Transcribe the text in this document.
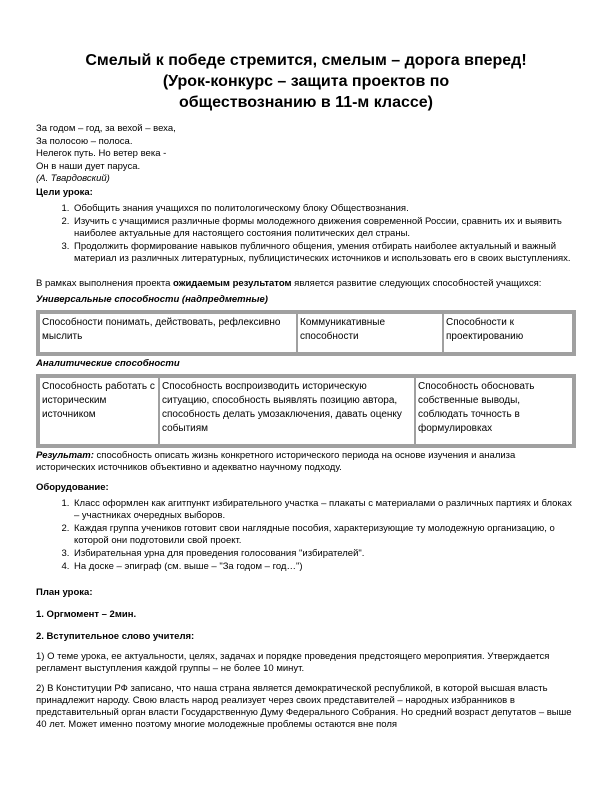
Смелый к победе стремится, смелым – дорога вперед!
(Урок-конкурс – защита проектов по
обществознанию в 11-м классе)
За годом – год, за вехой – веха,
За полосою – полоса.
Нелегок путь. Но ветер века -
Он в наши дует паруса.
(А. Твардовский)
Цели урока:
1. Обобщить знания учащихся по политологическому блоку Обществознания.
2. Изучить с учащимися различные формы молодежного движения современной России, сравнить их и выявить наиболее актуальные для настоящего состояния политических дел страны.
3. Продолжить формирование навыков публичного общения, умения отбирать наиболее актуальный и важный материал из различных литературных, публицистических источников и использовать его в своих выступлениях.
В рамках выполнения проекта ожидаемым результатом является развитие следующих способностей учащихся:
Универсальные способности (надпредметные)
Способности понимать, действовать, рефлексивно мыслить	Коммуникативные способности	Способности к проектированию
Аналитические способности
Способность работать с историческим источником	Способность воспроизводить историческую ситуацию, способность выявлять позицию автора, способность делать умозаключения, давать оценку событиям	Способность обосновать собственные выводы, соблюдать точность в формулировках
Результат: способность описать жизнь конкретного исторического периода на основе изучения и анализа исторических источников объективно и адекватно научному подходу.
Оборудование:
1. Класс оформлен как агитпункт избирательного участка – плакаты с материалами о различных партиях и блоках – участниках очередных выборов.
2. Каждая группа учеников готовит свои наглядные пособия, характеризующие ту молодежную организацию, о которой они подготовили свой проект.
3. Избирательная урна для проведения голосования "избирателей".
4. На доске – эпиграф (см. выше – "За годом – год…")
План урока:
1. Оргмомент – 2мин.
2. Вступительное слово учителя:
1) О теме урока, ее актуальности, целях, задачах и порядке проведения предстоящего мероприятия. Утверждается регламент выступления каждой группы – не более 10 минут.
2) В Конституции РФ записано, что наша страна является демократической республикой, в которой высшая власть принадлежит народу. Свою власть народ реализует через своих представителей – народных избранников в представительный орган власти Государственную Думу Федерального Собрания. Но средний возраст депутатов – выше 40 лет. Может именно поэтому многие молодежные проблемы остаются вне поля
